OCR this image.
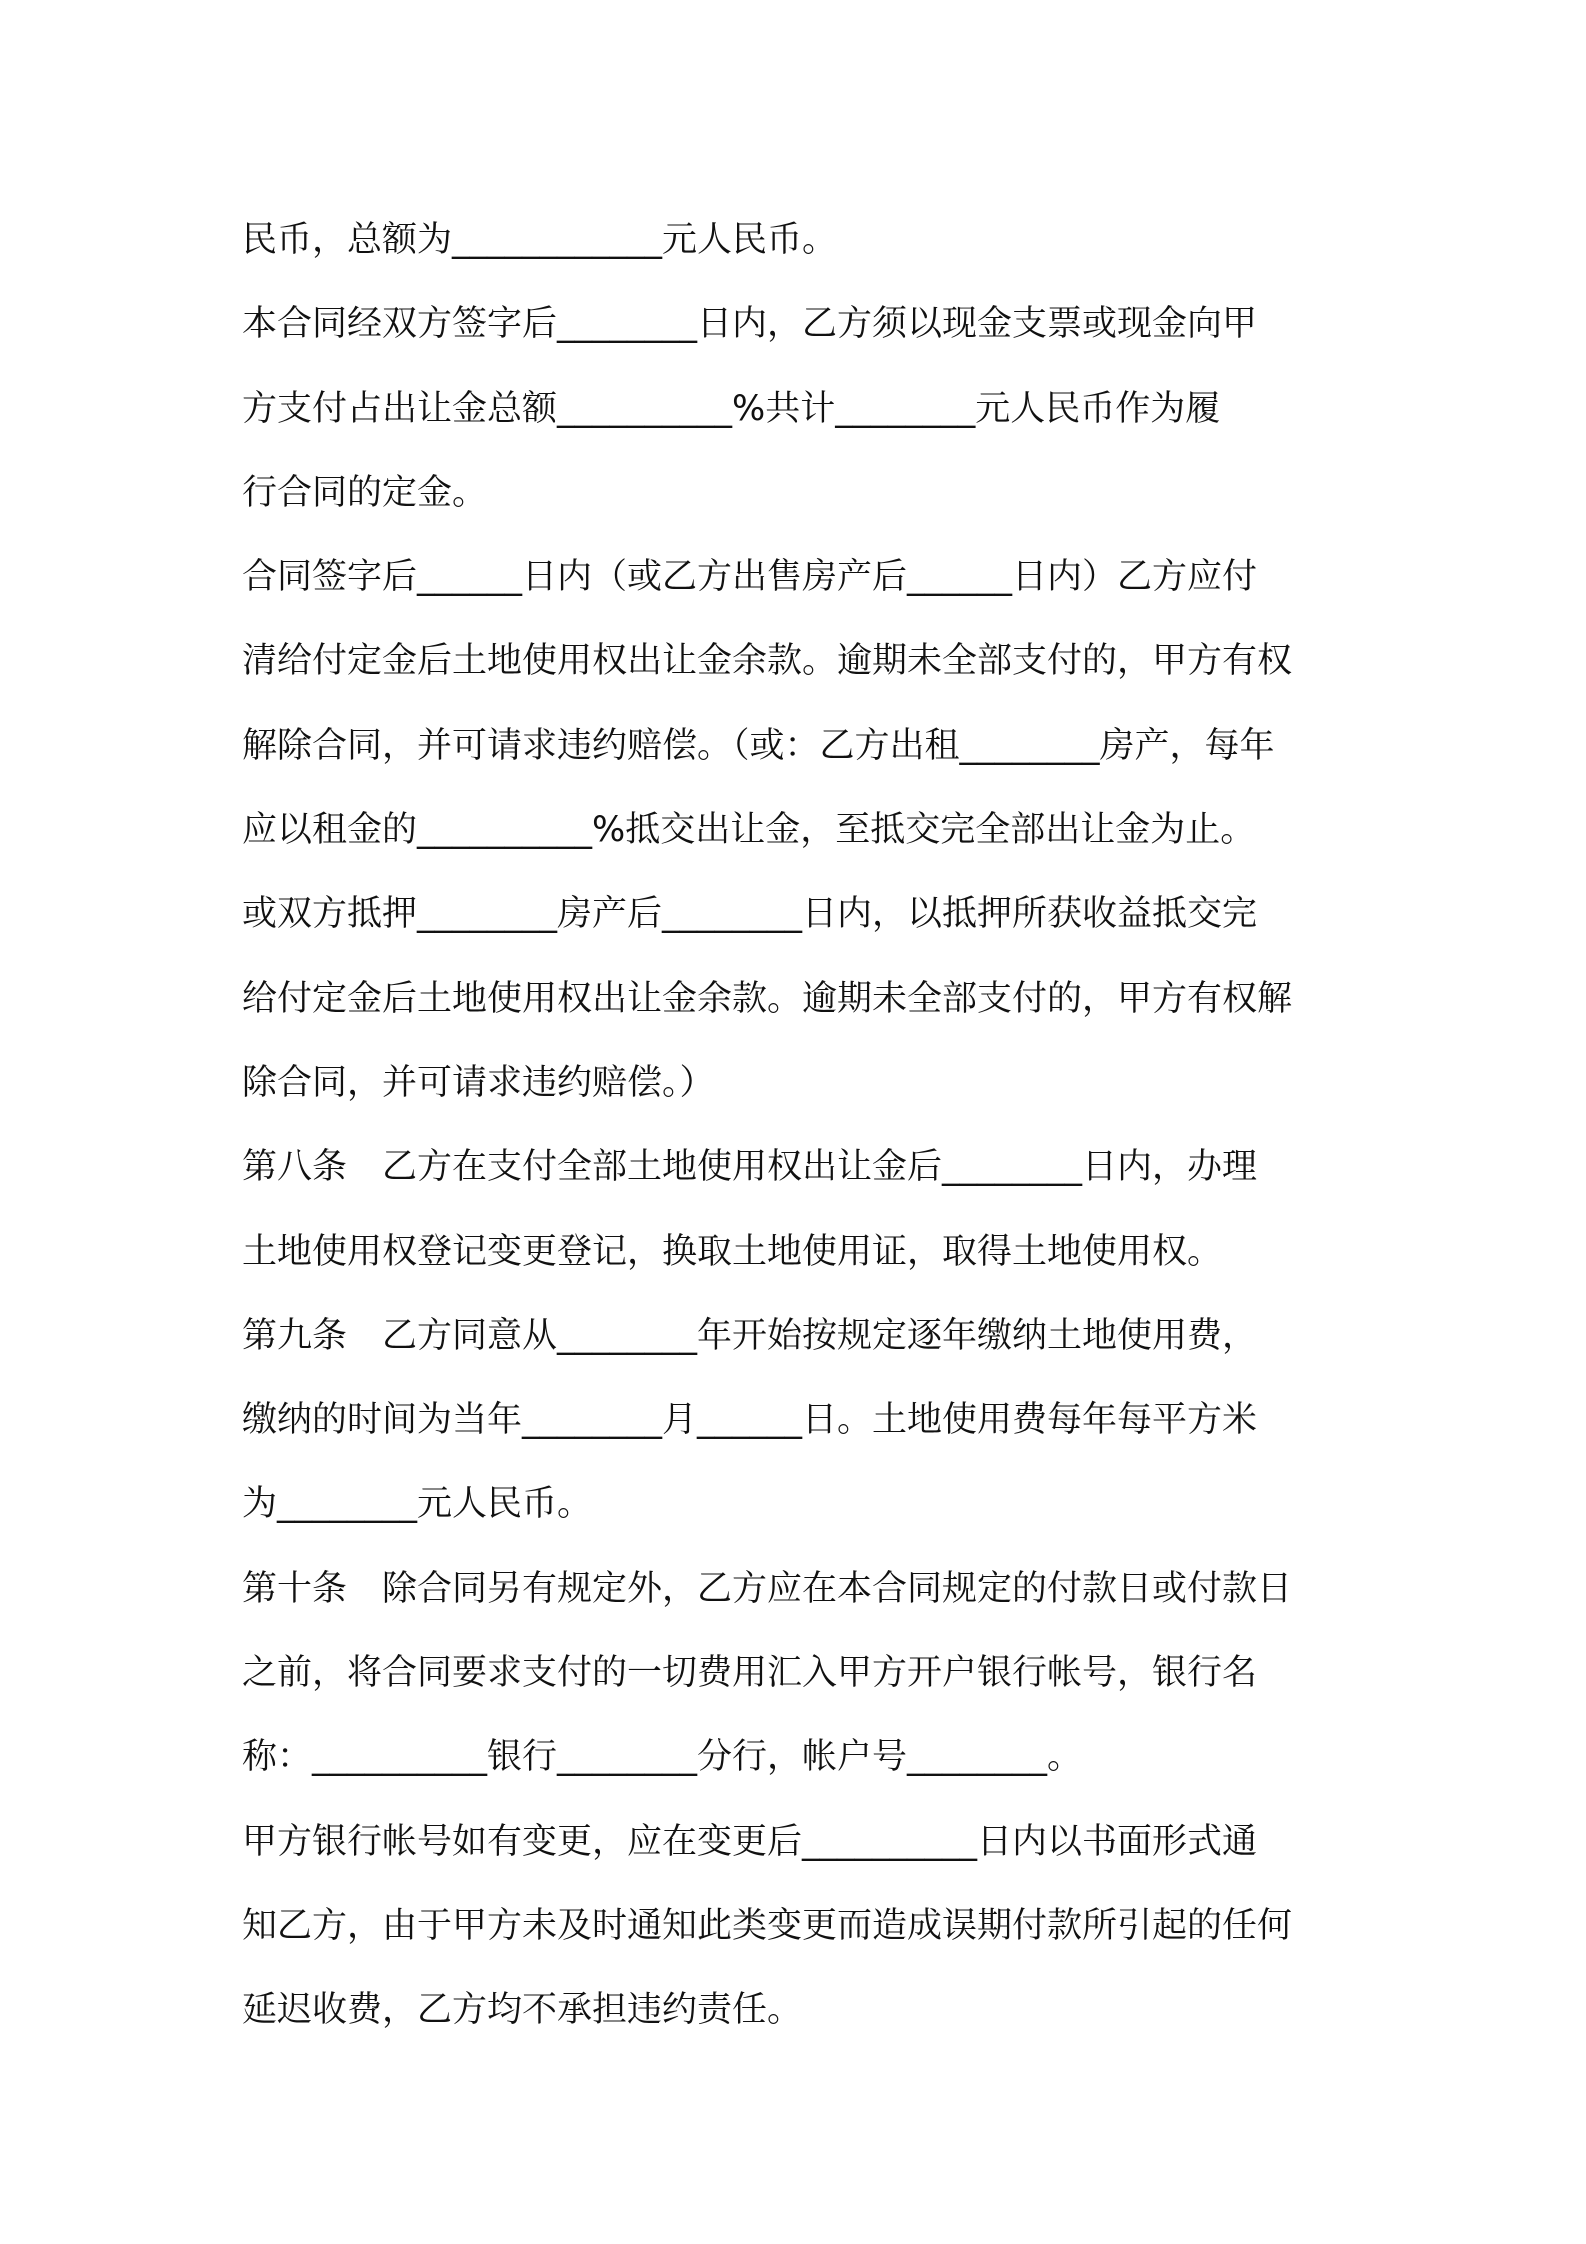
民币，总额为____________元人民币。
本合同经双方签字后________日内，乙方须以现金支票或现金向甲
方支付占出让金总额__________%共计________元人民币作为履
行合同的定金。
合同签字后______日内（或乙方出售房产后______日内）乙方应付
清给付定金后土地使用权出让金余款。逾期未全部支付的，甲方有权
解除合同，并可请求违约赔偿。（或：乙方出租________房产，每年
应以租金的__________%抵交出让金，至抵交完全部出让金为止。
或双方抵押________房产后________日内，以抵押所获收益抵交完
给付定金后土地使用权出让金余款。逾期未全部支付的，甲方有权解
除合同，并可请求违约赔偿。）
第八条　乙方在支付全部土地使用权出让金后________日内，办理
土地使用权登记变更登记，换取土地使用证，取得土地使用权。
第九条　乙方同意从________年开始按规定逐年缴纳土地使用费，
缴纳的时间为当年________月______日。土地使用费每年每平方米
为________元人民币。
第十条　除合同另有规定外，乙方应在本合同规定的付款日或付款日
之前，将合同要求支付的一切费用汇入甲方开户银行帐号，银行名
称：__________银行________分行，帐户号________。
甲方银行帐号如有变更，应在变更后__________日内以书面形式通
知乙方，由于甲方未及时通知此类变更而造成误期付款所引起的任何
延迟收费，乙方均不承担违约责任。
